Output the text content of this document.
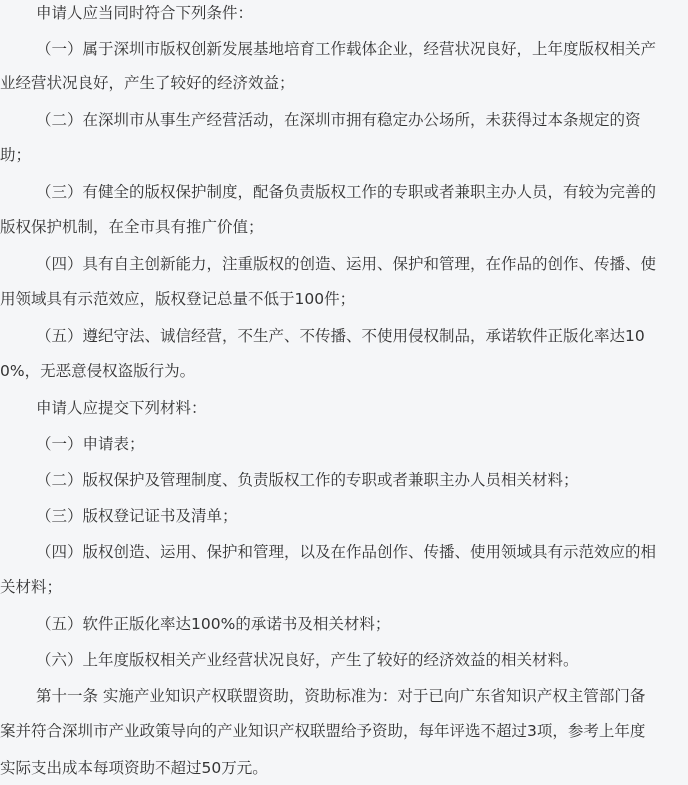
申请人应当同时符合下列条件：
（一）属于深圳市版权创新发展基地培育工作载体企业，经营状况良好，上年度版权相关产
业经营状况良好，产生了较好的经济效益；
（二）在深圳市从事生产经营活动，在深圳市拥有稳定办公场所，未获得过本条规定的资
助；
（三）有健全的版权保护制度，配备负责版权工作的专职或者兼职主办人员，有较为完善的
版权保护机制，在全市具有推广价值；
（四）具有自主创新能力，注重版权的创造、运用、保护和管理，在作品的创作、传播、使
用领域具有示范效应，版权登记总量不低于100件；
（五）遵纪守法、诚信经营，不生产、不传播、不使用侵权制品，承诺软件正版化率达10
0%，无恶意侵权盗版行为。
申请人应提交下列材料：
（一）申请表；
（二）版权保护及管理制度、负责版权工作的专职或者兼职主办人员相关材料；
（三）版权登记证书及清单；
（四）版权创造、运用、保护和管理，以及在作品创作、传播、使用领域具有示范效应的相
关材料；
（五）软件正版化率达100%的承诺书及相关材料；
（六）上年度版权相关产业经营状况良好，产生了较好的经济效益的相关材料。
第十一条 实施产业知识产权联盟资助，资助标准为：对于已向广东省知识产权主管部门备
案并符合深圳市产业政策导向的产业知识产权联盟给予资助，每年评选不超过3项，参考上年度
实际支出成本每项资助不超过50万元。
